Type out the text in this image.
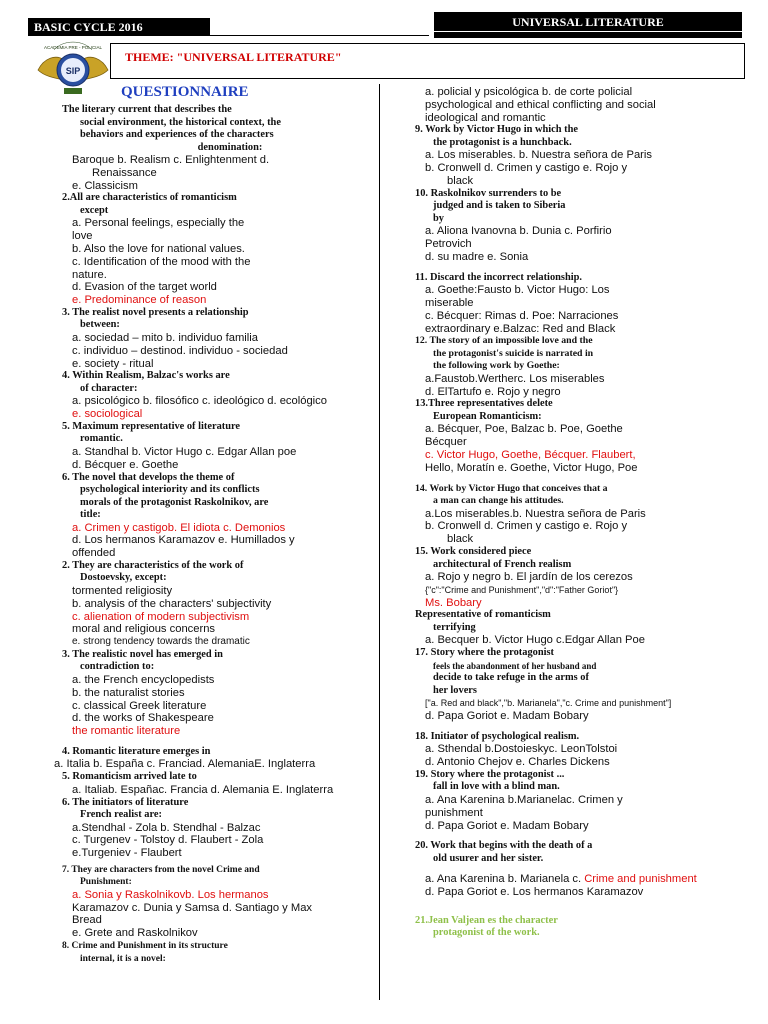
BASIC CYCLE 2016	UNIVERSAL LITERATURE
THEME: "UNIVERSAL LITERATURE"
SIP
ACADEMIA PRE - POLICIAL
QUESTIONNAIRE
The literary current that describes the
social environment, the historical context, the
behaviors and experiences of the characters
denomination:
Baroque b. Realism c. Enlightenment d.
Renaissance
e. Classicism
2.All are characteristics of romanticism
except
a. Personal feelings, especially the
love
b. Also the love for national values.
c. Identification of the mood with the
nature.
d. Evasion of the target world
e. Predominance of reason
3. The realist novel presents a relationship
between:
a. sociedad – mito b. individuo familia
c. individuo – destinod. individuo - sociedad
e. society - ritual
4. Within Realism, Balzac's works are
of character:
a. psicológico b. filosófico c. ideológico d. ecológico
e. sociological
5. Maximum representative of literature
romantic.
a. Standhal b. Victor Hugo c. Edgar Allan poe
d. Bécquer e. Goethe
6. The novel that develops the theme of
psychological interiority and its conflicts
morals of the protagonist Raskolnikov, are
title:
a. Crimen y castigob. El idiota c. Demonios
d. Los hermanos Karamazov e. Humillados y
offended
2. They are characteristics of the work of
Dostoevsky, except:
tormented religiosity
b. analysis of the characters' subjectivity
c. alienation of modern subjectivism
moral and religious concerns
e. strong tendency towards the dramatic
3. The realistic novel has emerged in
contradiction to:
a. the French encyclopedists
b. the naturalist stories
c. classical Greek literature
d. the works of Shakespeare
the romantic literature
4. Romantic literature emerges in
a. Italia b. España c. Franciad. AlemaniaE. Inglaterra
5. Romanticism arrived late to
a. Italiab. Españac. Francia d. Alemania E. Inglaterra
6. The initiators of literature
French realist are:
a.Stendhal - Zola b. Stendhal - Balzac
c. Turgenev - Tolstoy d. Flaubert - Zola
e.Turgeniev - Flaubert
7. They are characters from the novel Crime and
Punishment:
a. Sonia y Raskolnikovb. Los hermanos
Karamazov c. Dunia y Samsa d. Santiago y Max
Bread
e. Grete and Raskolnikov
8. Crime and Punishment in its structure
internal, it is a novel:
a. policial y psicológica b. de corte policial
psychological and ethical conflicting and social
ideological and romantic
9. Work by Victor Hugo in which the
the protagonist is a hunchback.
a. Los miserables. b. Nuestra señora de Paris
b. Cronwell d. Crimen y castigo e. Rojo y
black
10. Raskolnikov surrenders to be
judged and is taken to Siberia
by
a. Aliona Ivanovna b. Dunia c. Porfirio
Petrovich
d. su madre e. Sonia
11. Discard the incorrect relationship.
a. Goethe:Fausto b. Victor Hugo: Los
miserable
c. Bécquer: Rimas d. Poe: Narraciones
extraordinary e.Balzac: Red and Black
12. The story of an impossible love and the
the protagonist's suicide is narrated in
the following work by Goethe:
a.Faustob.Wertherc. Los miserables
d. ElTartufo e. Rojo y negro
13.Three representatives delete
European Romanticism:
a. Bécquer, Poe, Balzac b. Poe, Goethe
Bécquer
c. Victor Hugo, Goethe, Bécquer. Flaubert,
Hello, Moratín e. Goethe, Victor Hugo, Poe
14. Work by Victor Hugo that conceives that a
a man can change his attitudes.
a.Los miserables.b. Nuestra señora de Paris
b. Cronwell d. Crimen y castigo e. Rojo y
black
15. Work considered piece
architectural of French realism
a. Rojo y negro b. El jardín de los cerezos
{"c":"Crime and Punishment","d":"Father Goriot"}
Ms. Bobary
Representative of romanticism
terrifying
a. Becquer b. Victor Hugo c.Edgar Allan Poe
17. Story where the protagonist
feels the abandonment of her husband and
decide to take refuge in the arms of
her lovers
["a. Red and black","b. Marianela","c. Crime and punishment"]
d. Papa Goriot e. Madam Bobary
18. Initiator of psychological realism.
a. Sthendal b.Dostoieskyc. LeonTolstoi
d. Antonio Chejov e. Charles Dickens
19. Story where the protagonist ...
fall in love with a blind man.
a. Ana Karenina b.Marianelac. Crimen y
punishment
d. Papa Goriot e. Madam Bobary
20. Work that begins with the death of a
old usurer and her sister.
a. Ana Karenina b. Marianela c. Crime and punishment
d. Papa Goriot e. Los hermanos Karamazov
21.Jean Valjean es the character
protagonist of the work.
